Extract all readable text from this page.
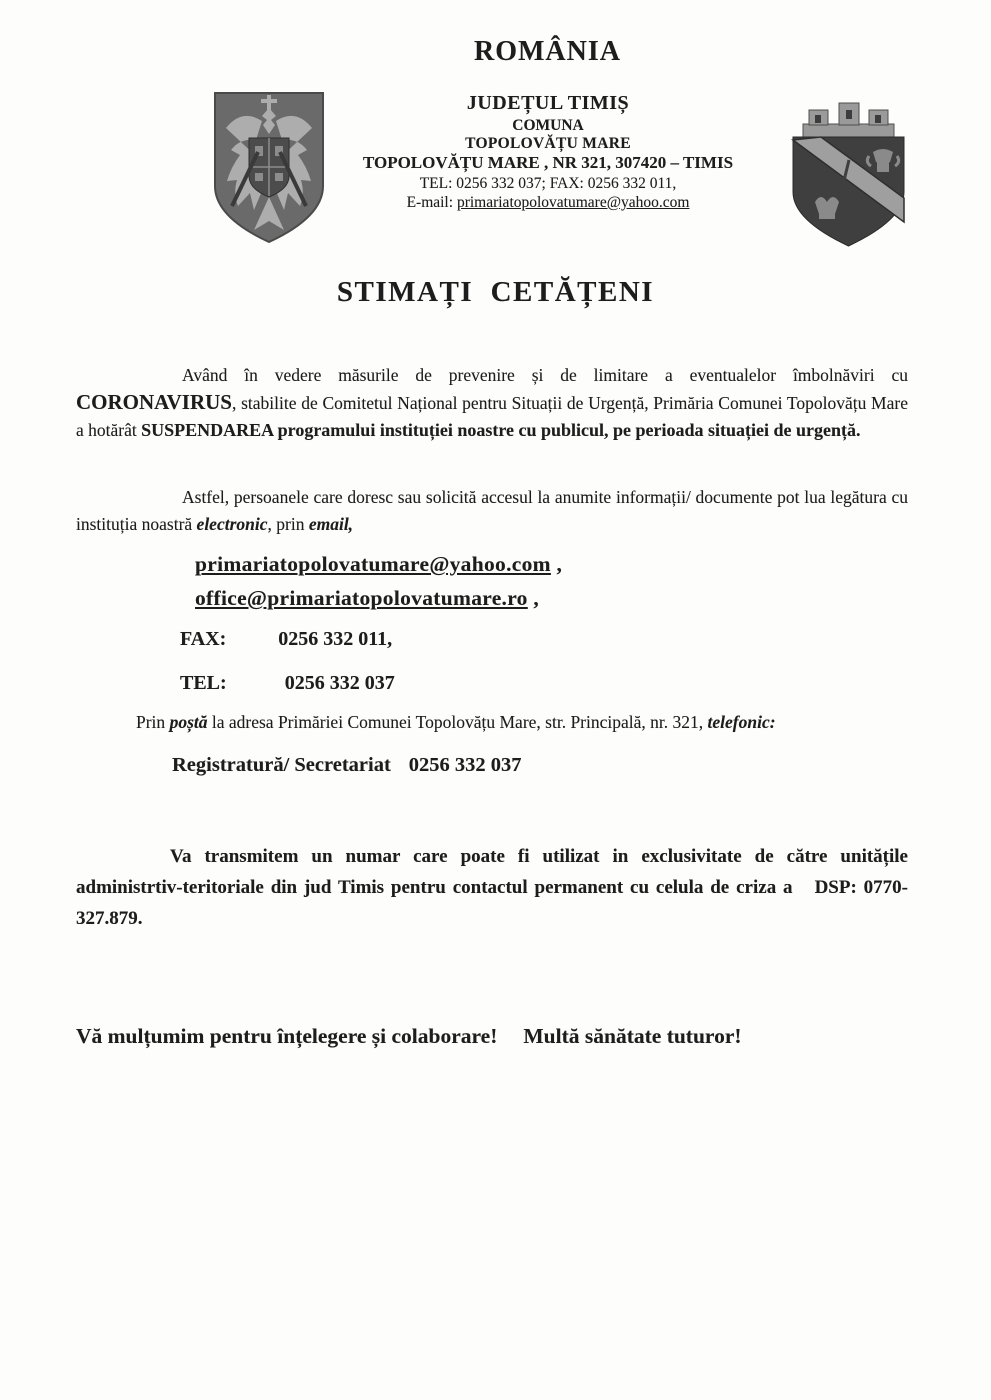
ROMÂNIA
JUDEȚUL TIMIȘ
COMUNA
TOPOLOVĂȚU MARE
TOPOLOVĂȚU MARE , NR 321, 307420 – TIMIS
TEL: 0256 332 037; FAX: 0256 332 011,
E-mail: primariatopolovatumare@yahoo.com
STIMAȚI  CETĂȚENI
Având în vedere măsurile de prevenire și de limitare a eventualelor îmbolnăviri cu CORONAVIRUS, stabilite de Comitetul Național pentru Situații de Urgență, Primăria Comunei Topolovățu Mare a hotărât SUSPENDAREA programului instituției noastre cu publicul, pe perioada situației de urgență.
Astfel, persoanele care doresc sau solicită accesul la anumite informații/ documente pot lua legătura cu instituția noastră electronic, prin email,
primariatopolovatumare@yahoo.com ,
office@primariatopolovatumare.ro ,
FAX:	0256 332 011,
TEL:	0256 332 037
Prin poștă la adresa Primăriei Comunei Topolovățu Mare, str. Principală, nr. 321, telefonic:
Registratură/ Secretariat 0256 332 037
Va transmitem un numar care poate fi utilizat in exclusivitate de către unitățile administrtiv-teritoriale din jud Timis pentru contactul permanent cu celula de criza a DSP: 0770-327.879.
Vă mulțumim pentru înțelegere și colaborare! Multă sănătate tuturor!
